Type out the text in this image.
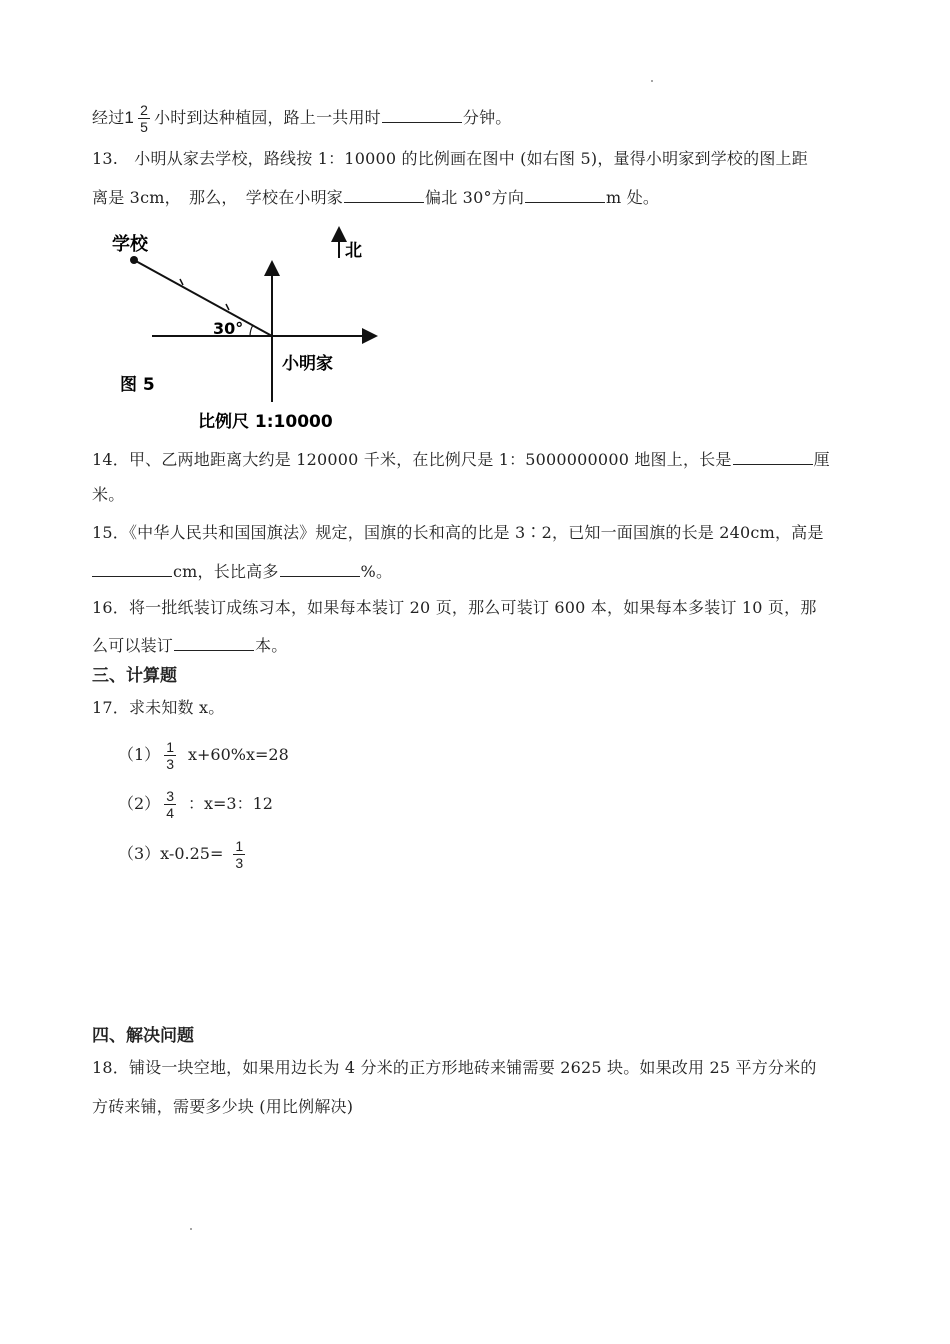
经过$1 \frac{2}{5}$ 小时到达种植园，路上一共用时	分钟。
13.　小明从家去学校，路线按 1：10000 的比例画在图中 (如右图 5)，量得小明家到学校的图上距
离是 3cm，　那么，　学校在小明家	偏北 30°方向	m 处。
学校	北
30°
小明家
图 5
比例尺 1:10000
14．甲、乙两地距离大约是 120000 千米，在比例尺是 1：5000000000 地图上，长是	厘
米。
15．《中华人民共和国国旗法》规定，国旗的长和高的比是 3∶2，已知一面国旗的长是 240cm，高是
cm，长比高多	%。
16．将一批纸装订成练习本，如果每本装订 20 页，那么可装订 600 本，如果每本多装订 10 页，那
么可以装订	本。
三、计算题
17．求未知数 x。
$(1) \frac{1}{3} x+60\%x=28$
$(2) \frac{3}{4}$ ：x=3：12
$(3)x-0.25= \frac{1}{3}$
四、解决问题
18．铺设一块空地，如果用边长为 4 分米的正方形地砖来铺需要 2625 块。如果改用 25 平方分米的
方砖来铺，需要多少块 (用比例解决)
